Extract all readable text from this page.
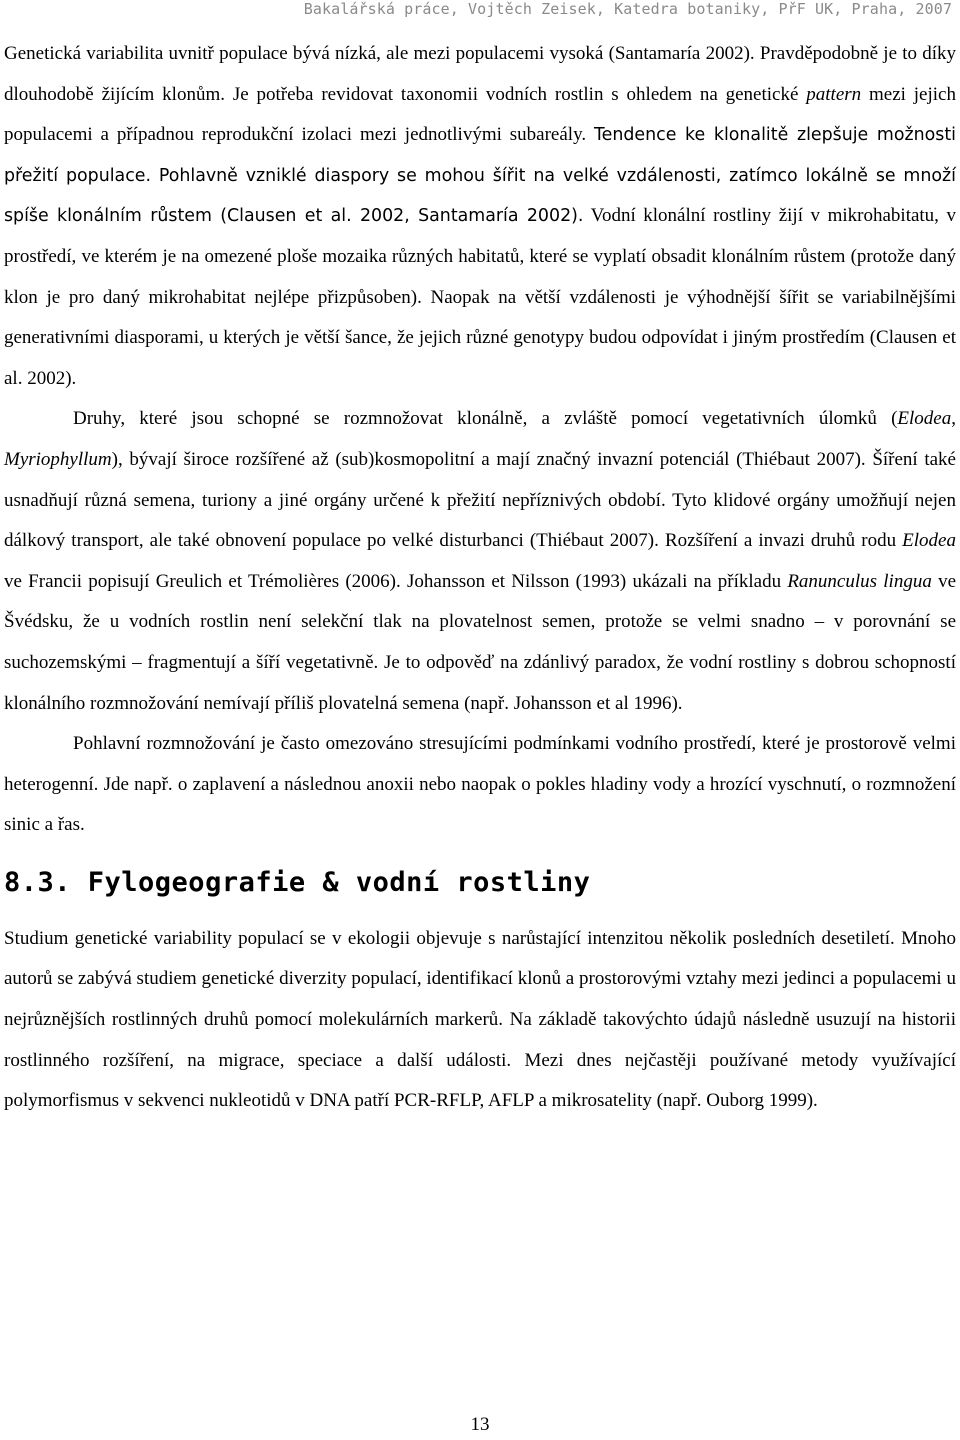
Bakalářská práce, Vojtěch Zeisek, Katedra botaniky, PřF UK, Praha, 2007

Genetická variabilita uvnitř populace bývá nízká, ale mezi populacemi vysoká (Santamaría 2002). Pravděpodobně je to díky dlouhodobě žijícím klonům. Je potřeba revidovat taxonomii vodních rostlin s ohledem na genetické pattern mezi jejich populacemi a případnou reprodukční izolaci mezi jednotlivými subareály. Tendence ke klonalitě zlepšuje možnosti přežití populace. Pohlavně vzniklé diaspory se mohou šířit na velké vzdálenosti, zatímco lokálně se množí spíše klonálním růstem (Clausen et al. 2002, Santamaría 2002). Vodní klonální rostliny žijí v mikrohabitatu, v prostředí, ve kterém je na omezené ploše mozaika různých habitatů, které se vyplatí obsadit klonálním růstem (protože daný klon je pro daný mikrohabitat nejlépe přizpůsoben). Naopak na větší vzdálenosti je výhodnější šířit se variabilnějšími generativními diasporami, u kterých je větší šance, že jejich různé genotypy budou odpovídat i jiným prostředím (Clausen et al. 2002).

Druhy, které jsou schopné se rozmnožovat klonálně, a zvláště pomocí vegetativních úlomků (Elodea, Myriophyllum), bývají široce rozšířené až (sub)kosmopolitní a mají značný invazní potenciál (Thiébaut 2007). Šíření také usnadňují různá semena, turiony a jiné orgány určené k přežití nepříznivých období. Tyto klidové orgány umožňují nejen dálkový transport, ale také obnovení populace po velké disturbanci (Thiébaut 2007). Rozšíření a invazi druhů rodu Elodea ve Francii popisují Greulich et Trémolières (2006). Johansson et Nilsson (1993) ukázali na příkladu Ranunculus lingua ve Švédsku, že u vodních rostlin není selekční tlak na plovatelnost semen, protože se velmi snadno – v porovnání se suchozemskými – fragmentují a šíří vegetativně. Je to odpověď na zdánlivý paradox, že vodní rostliny s dobrou schopností klonálního rozmnožování nemívají příliš plovatelná semena (např. Johansson et al 1996).

Pohlavní rozmnožování je často omezováno stresujícími podmínkami vodního prostředí, které je prostorově velmi heterogenní. Jde např. o zaplavení a následnou anoxii nebo naopak o pokles hladiny vody a hrozící vyschnutí, o rozmnožení sinic a řas.

8.3. Fylogeografie & vodní rostliny

Studium genetické variability populací se v ekologii objevuje s narůstající intenzitou několik posledních desetiletí. Mnoho autorů se zabývá studiem genetické diverzity populací, identifikací klonů a prostorovými vztahy mezi jedinci a populacemi u nejrůznějších rostlinných druhů pomocí molekulárních markerů. Na základě takovýchto údajů následně usuzují na historii rostlinného rozšíření, na migrace, speciace a další události. Mezi dnes nejčastěji používané metody využívající polymorfismus v sekvenci nukleotidů v DNA patří PCR-RFLP, AFLP a mikrosatelity (např. Ouborg 1999).

13
